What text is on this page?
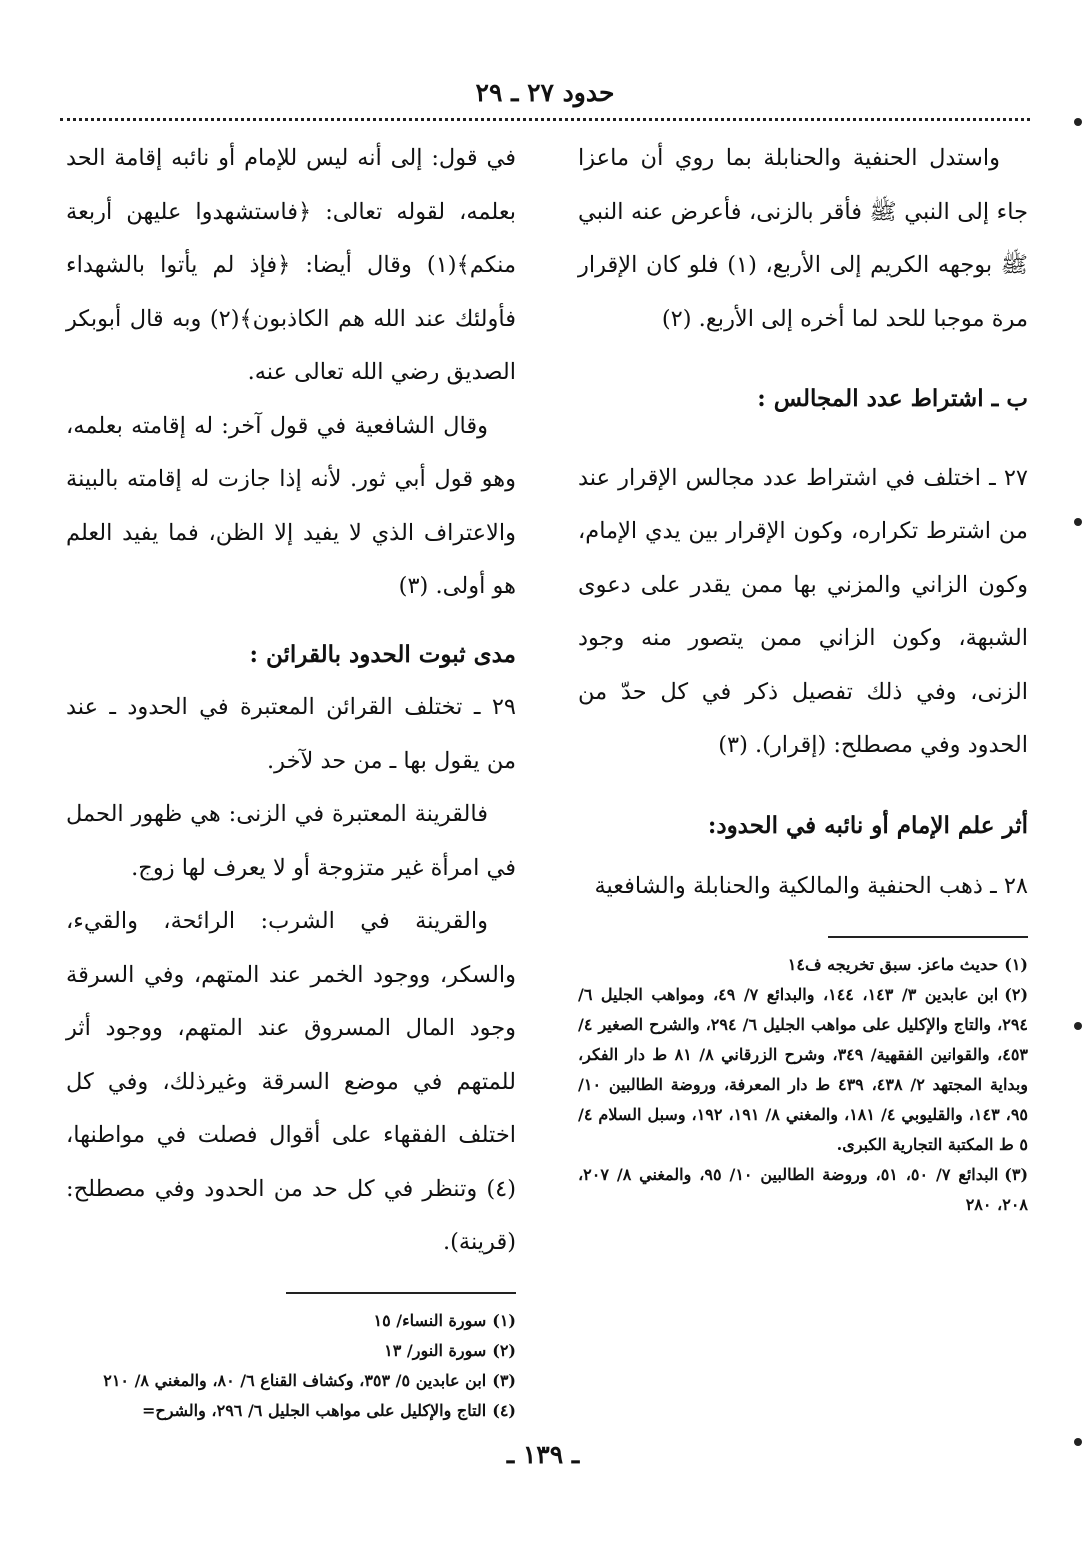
حدود ٢٧ ـ ٢٩

واستدل الحنفية والحنابلة بما روي أن ماعزا جاء إلى النبي ﷺ فأقر بالزنى، فأعرض عنه النبي ﷺ بوجهه الكريم إلى الأربع، (١) فلو كان الإقرار مرة موجبا للحد لما أخره إلى الأربع. (٢)

ب ـ اشتراط عدد المجالس :

٢٧ ـ اختلف في اشتراط عدد مجالس الإقرار عند من اشترط تكراره، وكون الإقرار بين يدي الإمام، وكون الزاني والمزني بها ممن يقدر على دعوى الشبهة، وكون الزاني ممن يتصور منه وجود الزنى، وفي ذلك تفصيل ذكر في كل حدّ من الحدود وفي مصطلح: (إقرار). (٣)

أثر علم الإمام أو نائبه في الحدود:

٢٨ ـ ذهب الحنفية والمالكية والحنابلة والشافعية

(١)حديث ماعز. سبق تخريجه ف١٤

(٢)ابن عابدين ٣/ ١٤٣، ١٤٤، والبدائع ٧/ ٤٩، ومواهب الجليل ٦/ ٢٩٤، والتاج والإكليل على مواهب الجليل ٦/ ٢٩٤، والشرح الصغير ٤/ ٤٥٣، والقوانين الفقهية/ ٣٤٩، وشرح الزرقاني ٨/ ٨١ ط دار الفكر، وبداية المجتهد ٢/ ٤٣٨، ٤٣٩ ط دار المعرفة، وروضة الطالبين ١٠/ ٩٥، ١٤٣، والقليوبي ٤/ ١٨١، والمغني ٨/ ١٩١، ١٩٢، وسبل السلام ٤/ ٥ ط المكتبة التجارية الكبرى.

(٣)البدائع ٧/ ٥٠، ٥١، وروضة الطالبين ١٠/ ٩٥، والمغني ٨/ ٢٠٧، ٢٠٨، ٢٨٠

في قول: إلى أنه ليس للإمام أو نائبه إقامة الحد بعلمه، لقوله تعالى: ﴿فاستشهدوا عليهن أربعة منكم﴾(١) وقال أيضا: ﴿فإذ لم يأتوا بالشهداء فأولئك عند الله هم الكاذبون﴾(٢) وبه قال أبوبكر الصديق رضي الله تعالى عنه.

وقال الشافعية في قول آخر: له إقامته بعلمه، وهو قول أبي ثور. لأنه إذا جازت له إقامته بالبينة والاعتراف الذي لا يفيد إلا الظن، فما يفيد العلم هو أولى. (٣)

مدى ثبوت الحدود بالقرائن :

٢٩ ـ تختلف القرائن المعتبرة في الحدود ـ عند من يقول بها ـ من حد لآخر.

فالقرينة المعتبرة في الزنى: هي ظهور الحمل في امرأة غير متزوجة أو لا يعرف لها زوج.

والقرينة في الشرب: الرائحة، والقيء، والسكر، ووجود الخمر عند المتهم، وفي السرقة وجود المال المسروق عند المتهم، ووجود أثر للمتهم في موضع السرقة وغيرذلك، وفي كل اختلف الفقهاء على أقوال فصلت في مواطنها، (٤) وتنظر في كل حد من الحدود وفي مصطلح: (قرينة).

(١)سورة النساء/ ١٥

(٢)سورة النور/ ١٣

(٣)ابن عابدين ٥/ ٣٥٣، وكشاف القناع ٦/ ٨٠، والمغني ٨/ ٢١٠

(٤)التاج والإكليل على مواهب الجليل ٦/ ٢٩٦، والشرح=

ـ ١٣٩ ـ
